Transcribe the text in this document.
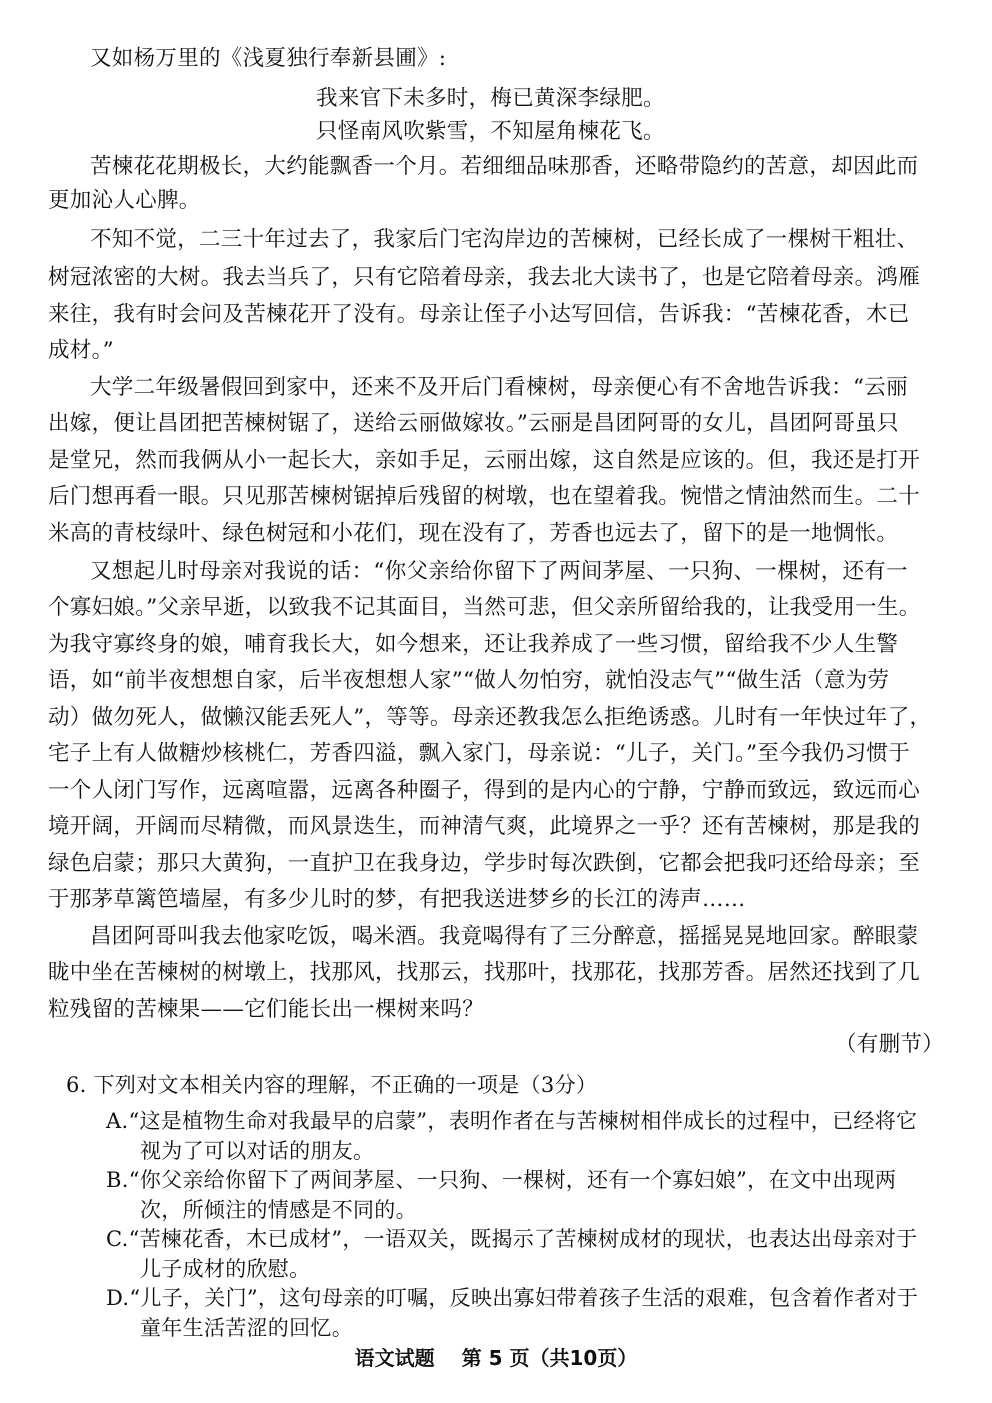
又如杨万里的《浅夏独行奉新县圃》:
我来官下未多时，梅已黄深李绿肥。
只怪南风吹紫雪，不知屋角楝花飞。
苦楝花花期极长，大约能飘香一个月。若细细品味那香，还略带隐约的苦意，却因此而
更加沁人心脾。
不知不觉，二三十年过去了，我家后门宅沟岸边的苦楝树，已经长成了一棵树干粗壮、
树冠浓密的大树。我去当兵了，只有它陪着母亲，我去北大读书了，也是它陪着母亲。鸿雁
来往，我有时会问及苦楝花开了没有。母亲让侄子小达写回信，告诉我：“苦楝花香，木已
成材。”
大学二年级暑假回到家中，还来不及开后门看楝树，母亲便心有不舍地告诉我：“云丽
出嫁，便让昌团把苦楝树锯了，送给云丽做嫁妆。”云丽是昌团阿哥的女儿，昌团阿哥虽只
是堂兄，然而我俩从小一起长大，亲如手足，云丽出嫁，这自然是应该的。但，我还是打开
后门想再看一眼。只见那苦楝树锯掉后残留的树墩，也在望着我。惋惜之情油然而生。二十
米高的青枝绿叶、绿色树冠和小花们，现在没有了，芳香也远去了，留下的是一地惆怅。
又想起儿时母亲对我说的话：“你父亲给你留下了两间茅屋、一只狗、一棵树，还有一
个寡妇娘。”父亲早逝，以致我不记其面目，当然可悲，但父亲所留给我的，让我受用一生。
为我守寡终身的娘，哺育我长大，如今想来，还让我养成了一些习惯，留给我不少人生警
语，如“前半夜想想自家，后半夜想想人家”“做人勿怕穷，就怕没志气”“做生活（意为劳
动）做勿死人，做懒汉能丢死人”，等等。母亲还教我怎么拒绝诱惑。儿时有一年快过年了，
宅子上有人做糖炒核桃仁，芳香四溢，飘入家门，母亲说：“儿子，关门。”至今我仍习惯于
一个人闭门写作，远离喧嚣，远离各种圈子，得到的是内心的宁静，宁静而致远，致远而心
境开阔，开阔而尽精微，而风景迭生，而神清气爽，此境界之一乎？还有苦楝树，那是我的
绿色启蒙；那只大黄狗，一直护卫在我身边，学步时每次跌倒，它都会把我叼还给母亲；至
于那茅草篱笆墙屋，有多少儿时的梦，有把我送进梦乡的长江的涛声……
昌团阿哥叫我去他家吃饭，喝米酒。我竟喝得有了三分醉意，摇摇晃晃地回家。醉眼蒙
眬中坐在苦楝树的树墩上，找那风，找那云，找那叶，找那花，找那芳香。居然还找到了几
粒残留的苦楝果——它们能长出一棵树来吗？
（有删节）
6. 下列对文本相关内容的理解，不正确的一项是（3分）
语文试题 第 5 页（共10页）
A.“这是植物生命对我最早的启蒙”，表明作者在与苦楝树相伴成长的过程中，已经将它
视为了可以对话的朋友。
B.“你父亲给你留下了两间茅屋、一只狗、一棵树，还有一个寡妇娘”，在文中出现两
次，所倾注的情感是不同的。
C.“苦楝花香，木已成材”，一语双关，既揭示了苦楝树成材的现状，也表达出母亲对于
儿子成材的欣慰。
D.“儿子，关门”，这句母亲的叮嘱，反映出寡妇带着孩子生活的艰难，包含着作者对于
童年生活苦涩的回忆。
